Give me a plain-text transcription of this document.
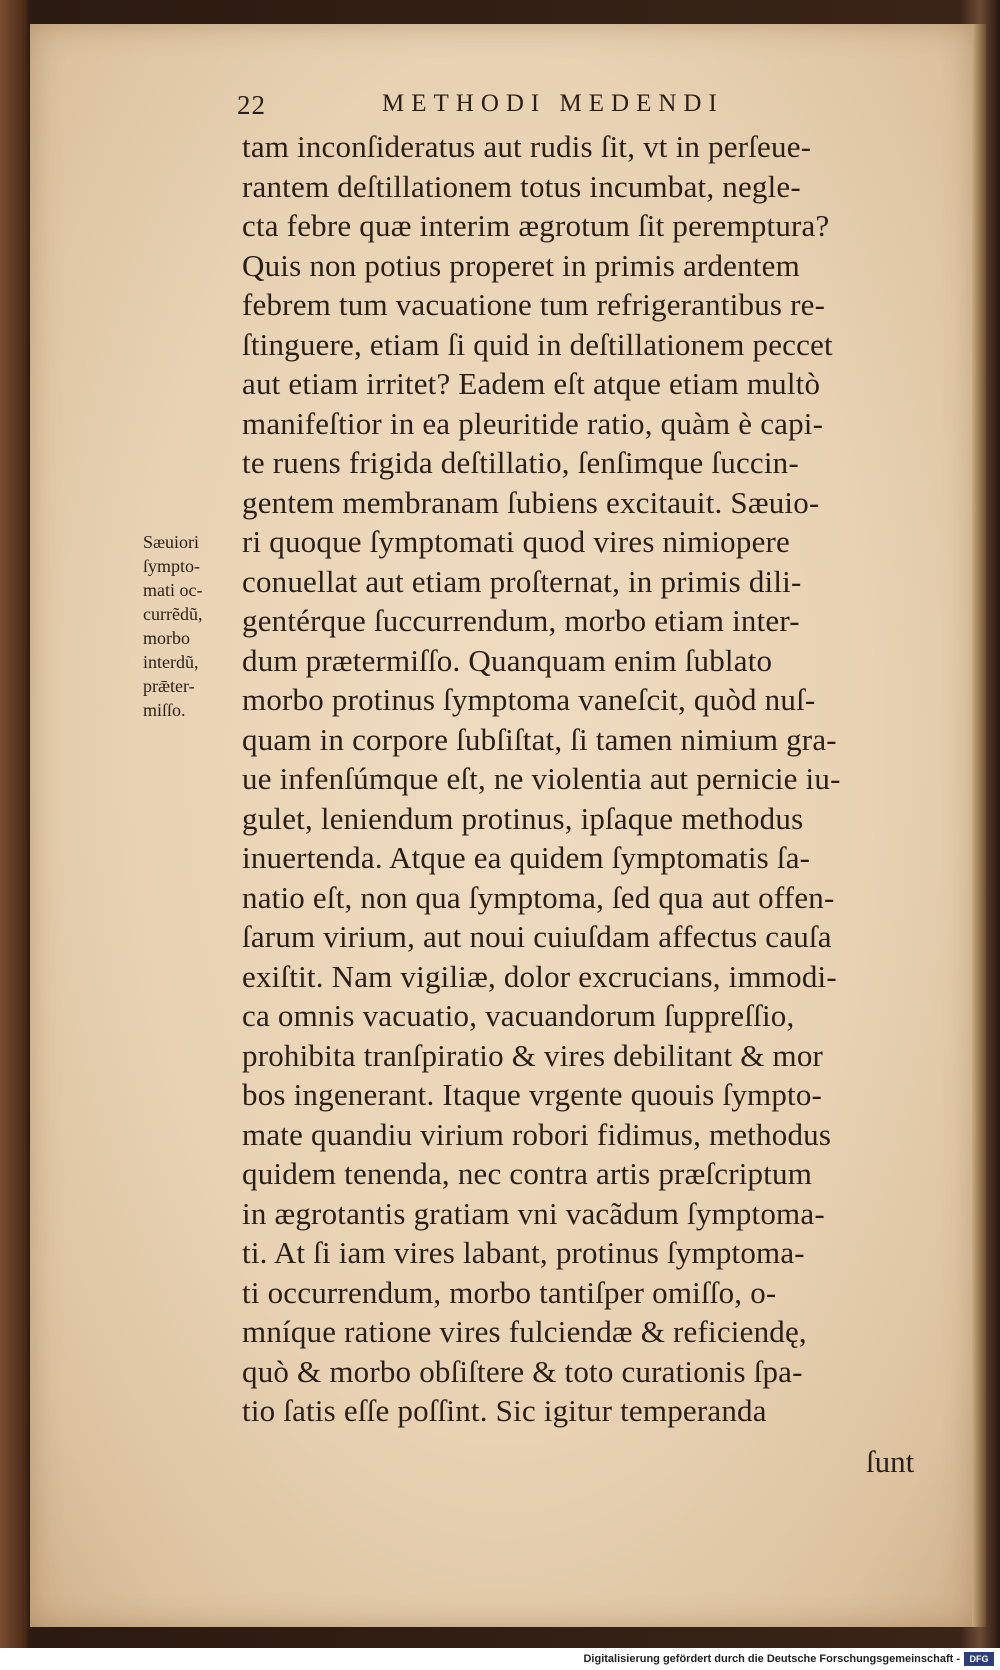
22	METHODI MEDENDI
Sæuiori
ſympto-
mati oc-
currẽdũ,
morbo
interdũ,
prǣter-
miſſo.
tam inconſideratus aut rudis ſit, vt in perſeue-
rantem deſtillationem totus incumbat, negle-
cta febre quæ interim ægrotum ſit peremptura?
Quis non potius properet in primis ardentem
febrem tum vacuatione tum refrigerantibus re-
ſtinguere, etiam ſi quid in deſtillationem peccet
aut etiam irritet? Eadem eſt atque etiam multò
manifeſtior in ea pleuritide ratio, quàm è capi-
te ruens frigida deſtillatio, ſenſimque ſuccin-
gentem membranam ſubiens excitauit. Sæuio-
ri quoque ſymptomati quod vires nimiopere
conuellat aut etiam proſternat, in primis dili-
gentérque ſuccurrendum, morbo etiam inter-
dum prætermiſſo. Quanquam enim ſublato
morbo protinus ſymptoma vaneſcit, quòd nuſ-
quam in corpore ſubſiſtat, ſi tamen nimium gra-
ue infenſúmque eſt, ne violentia aut pernicie iu-
gulet, leniendum protinus, ipſaque methodus
inuertenda. Atque ea quidem ſymptomatis ſa-
natio eſt, non qua ſymptoma, ſed qua aut offen-
ſarum virium, aut noui cuiuſdam affectus cauſa
exiſtit. Nam vigiliæ, dolor excrucians, immodi-
ca omnis vacuatio, vacuandorum ſuppreſſio,
prohibita tranſpiratio & vires debilitant & mor
bos ingenerant. Itaque vrgente quouis ſympto-
mate quandiu virium robori fidimus, methodus
quidem tenenda, nec contra artis præſcriptum
in ægrotantis gratiam vni vacãdum ſymptoma-
ti. At ſi iam vires labant, protinus ſymptoma-
ti occurrendum, morbo tantiſper omiſſo, o-
mníque ratione vires fulciendæ & reficiendę,
quò & morbo obſiſtere & toto curationis ſpa-
tio ſatis eſſe poſſint. Sic igitur temperanda
ſunt
Digitalisierung gefördert durch die Deutsche Forschungsgemeinschaft -	DFG
